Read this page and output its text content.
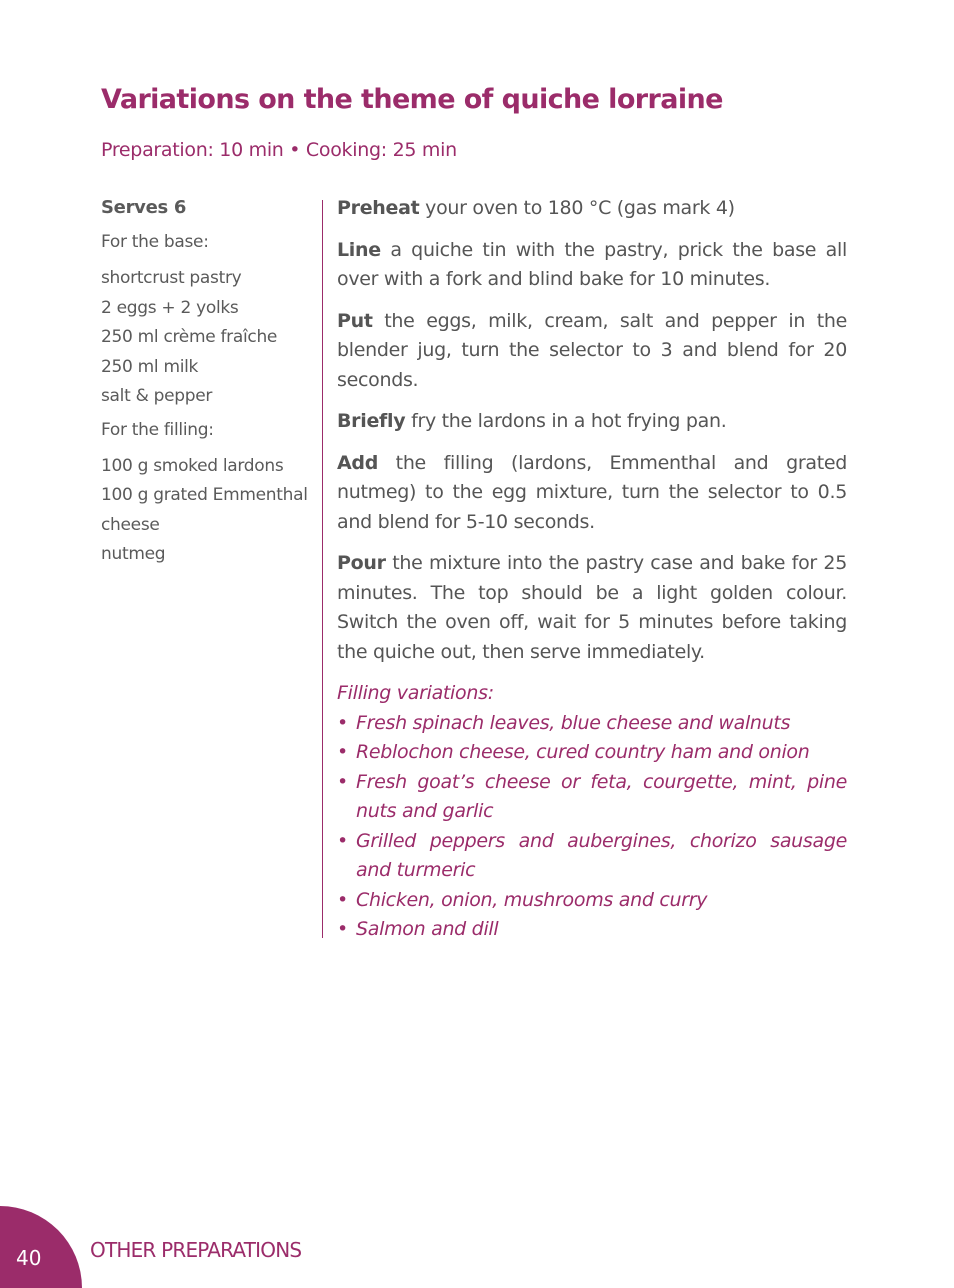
Variations on the theme of quiche lorraine
Preparation: 10 min • Cooking: 25 min
Serves 6
For the base:
shortcrust pastry
2 eggs + 2 yolks
250 ml crème fraîche
250 ml milk
salt & pepper
For the filling:
100 g smoked lardons
100 g grated Emmenthal
cheese
nutmeg

Preheat your oven to 180 °C (gas mark 4)

Line a quiche tin with the pastry, prick the base all over with a fork and blind bake for 10 minutes.

Put the eggs, milk, cream, salt and pepper in the blender jug, turn the selector to 3 and blend for 20 seconds.

Briefly fry the lardons in a hot frying pan.

Add the filling (lardons, Emmenthal and grated nutmeg) to the egg mixture, turn the selector to 0.5 and blend for 5-10 seconds.

Pour the mixture into the pastry case and bake for 25 minutes. The top should be a light golden colour. Switch the oven off, wait for 5 minutes before taking the quiche out, then serve immediately.

Filling variations:

• Fresh spinach leaves, blue cheese and walnuts
• Reblochon cheese, cured country ham and onion
• Fresh goat’s cheese or feta, courgette, mint, pine nuts and garlic
• Grilled peppers and aubergines, chorizo sausage and turmeric
• Chicken, onion, mushrooms and curry
• Salmon and dill
40 OTHER PREPARATIONS
